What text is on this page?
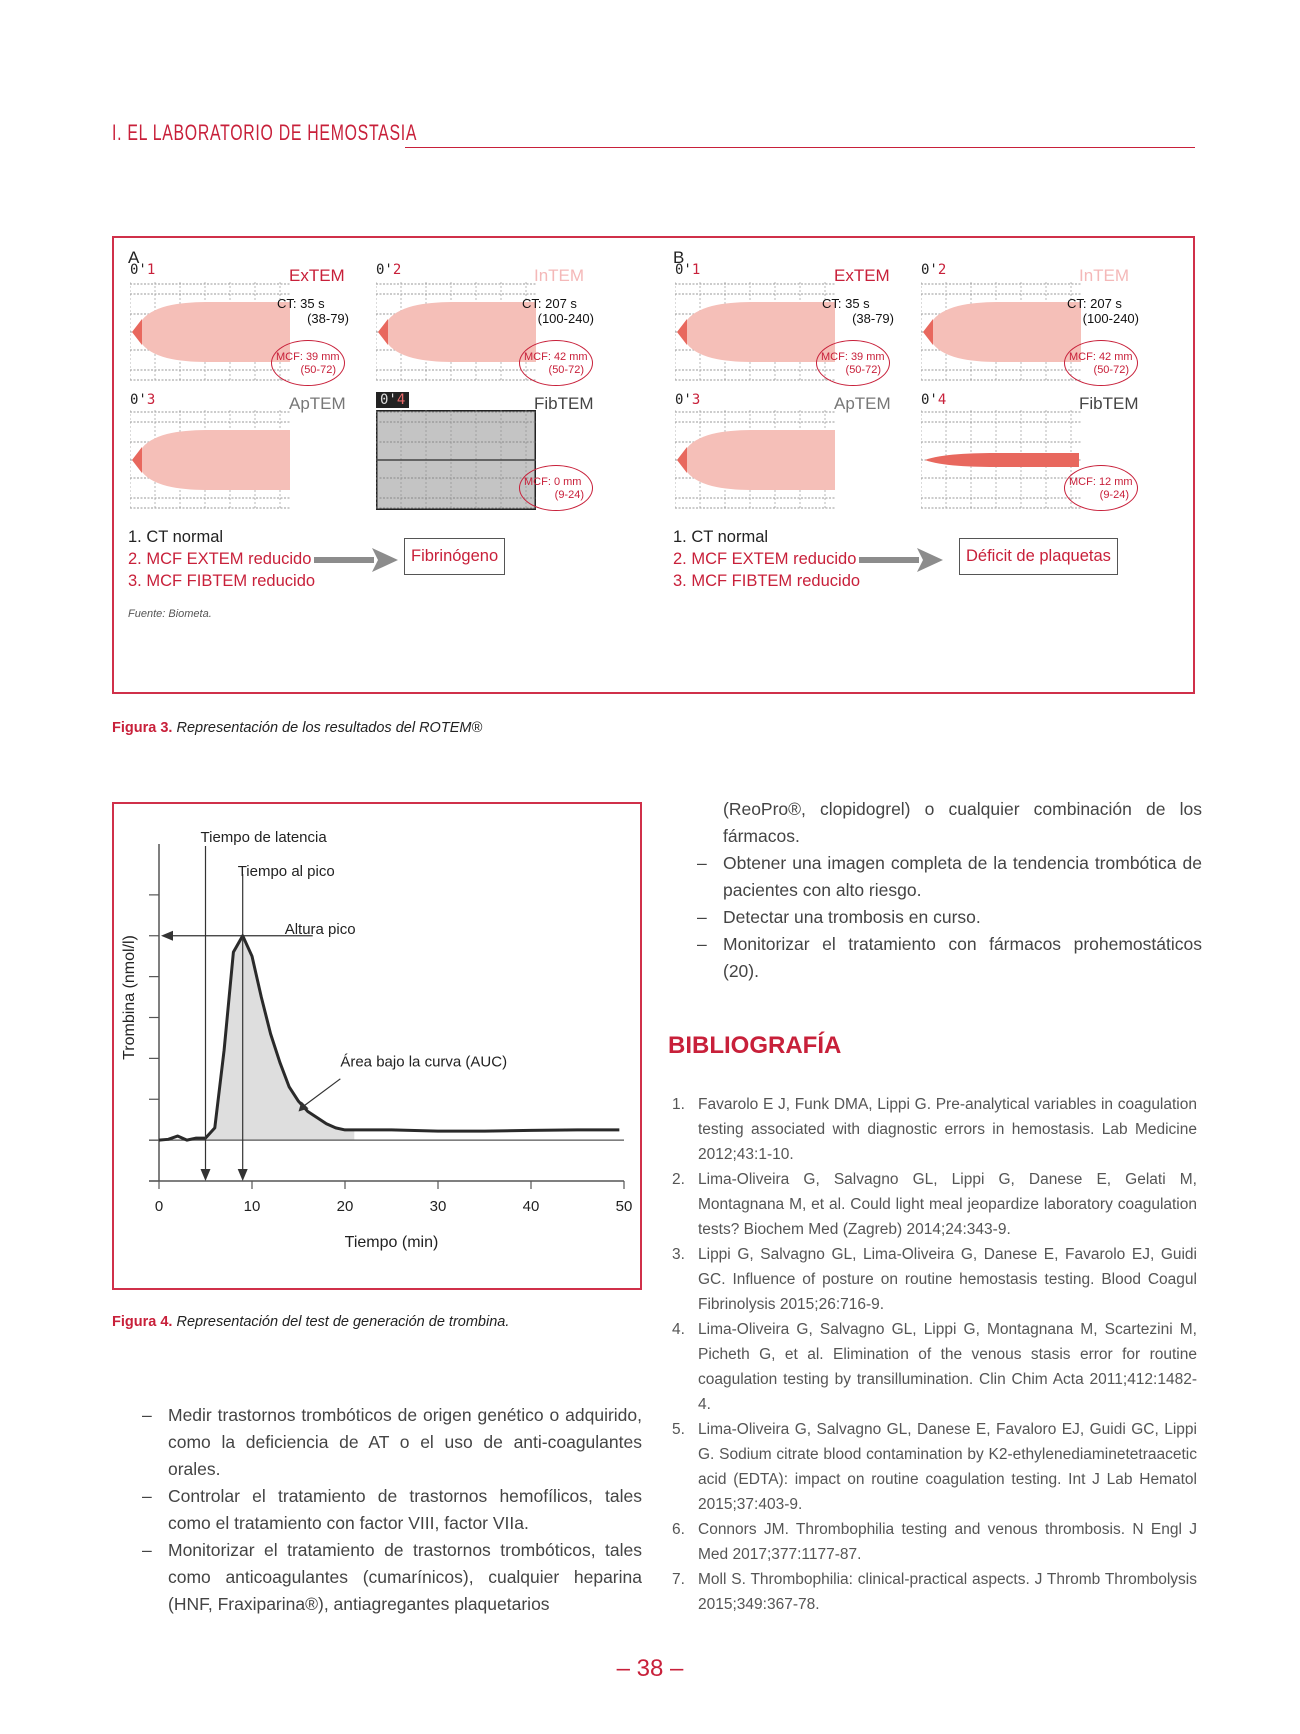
I. EL LABORATORIO DE HEMOSTASIA
A
0'1	ExTEM
CT: 35 s
(38-79)
MCF: 39 mm
(50-72)
0'2	InTEM
CT: 207 s
(100-240)
MCF: 42 mm
(50-72)
0'3	ApTEM 0'4	FibTEM
MCF: 0 mm
(9-24)
1. CT normal
2. MCF EXTEM reducido
3. MCF FIBTEM reducido
Fibrinógeno
Fuente: Biometa.
B
0'1	ExTEM
CT: 35 s
(38-79)
MCF: 39 mm
(50-72)
0'2	InTEM
CT: 207 s
(100-240)
MCF: 42 mm
(50-72)
0'3	ApTEM 0'4	FibTEM
MCF: 12 mm
(9-24)
1. CT normal
2. MCF EXTEM reducido
3. MCF FIBTEM reducido
Déficit de plaquetas
Figura 3. Representación de los resultados del ROTEM®
0	10	20	30	40	50
Tiempo (min)
Trombina (nmol/l)
Tiempo de latencia
Tiempo al pico
Altura pico
Área bajo la curva (AUC)
Figura 4. Representación del test de generación de trombina.
– Medir trastornos trombóticos de origen genético o adquirido, como la deficiencia de AT o el uso de anti-coagulantes orales.
– Controlar el tratamiento de trastornos hemofílicos, tales como el tratamiento con factor VIII, factor VIIa.
– Monitorizar el tratamiento de trastornos trombóticos, tales como anticoagulantes (cumarínicos), cualquier heparina (HNF, Fraxiparina®), antiagregantes plaquetarios
(ReoPro®, clopidogrel) o cualquier combinación de los fármacos.
– Obtener una imagen completa de la tendencia trombótica de pacientes con alto riesgo.
– Detectar una trombosis en curso.
– Monitorizar el tratamiento con fármacos prohemostáticos (20).
BIBLIOGRAFÍA
1. Favarolo E J, Funk DMA, Lippi G. Pre-analytical variables in coagulation testing associated with diagnostic errors in hemostasis. Lab Medicine 2012;43:1-10.
2. Lima-Oliveira G, Salvagno GL, Lippi G, Danese E, Gelati M, Montagnana M, et al. Could light meal jeopardize laboratory coagulation tests? Biochem Med (Zagreb) 2014;24:343-9.
3. Lippi G, Salvagno GL, Lima-Oliveira G, Danese E, Favarolo EJ, Guidi GC. Influence of posture on routine hemostasis testing. Blood Coagul Fibrinolysis 2015;26:716-9.
4. Lima-Oliveira G, Salvagno GL, Lippi G, Montagnana M, Scartezini M, Picheth G, et al. Elimination of the venous stasis error for routine coagulation testing by transillumination. Clin Chim Acta 2011;412:1482-4.
5. Lima-Oliveira G, Salvagno GL, Danese E, Favaloro EJ, Guidi GC, Lippi G. Sodium citrate blood contamination by K2-ethylenediaminetetraacetic acid (EDTA): impact on routine coagulation testing. Int J Lab Hematol 2015;37:403-9.
6. Connors JM. Thrombophilia testing and venous thrombosis. N Engl J Med 2017;377:1177-87.
7. Moll S. Thrombophilia: clinical-practical aspects. J Thromb Thrombolysis 2015;349:367-78.
– 38 –
